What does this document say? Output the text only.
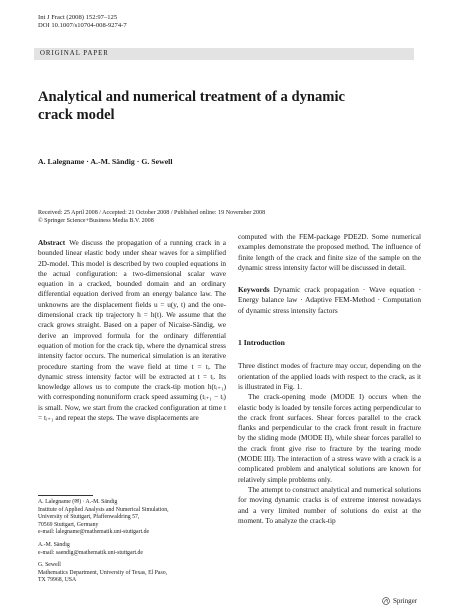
Int J Fract (2008) 152:97–125
DOI 10.1007/s10704-008-9274-7
ORIGINAL PAPER
Analytical and numerical treatment of a dynamic crack model
A. Lalegname · A.-M. Sändig · G. Sewell
Received: 25 April 2008 / Accepted: 21 October 2008 / Published online: 19 November 2008
© Springer Science+Business Media B.V. 2008

Abstract We discuss the propagation of a running crack in a bounded linear elastic body under shear waves for a simplified 2D-model. This model is described by two coupled equations in the actual configuration: a two-dimensional scalar wave equation in a cracked, bounded domain and an ordinary differential equation derived from an energy balance law. The unknowns are the displacement fields u = u(y, t) and the one-dimensional crack tip trajectory h = h(t). We assume that the crack grows straight. Based on a paper of Nicaise-Sändig, we derive an improved formula for the ordinary differential equation of motion for the crack tip, where the dynamical stress intensity factor occurs. The numerical simulation is an iterative procedure starting from the wave field at time t = tᵢ. The dynamic stress intensity factor will be extracted at t = tᵢ. Its knowledge allows us to compute the crack-tip motion h(tᵢ₊₁) with corresponding nonuniform crack speed assuming (tᵢ₊₁ − tᵢ) is small. Now, we start from the cracked configuration at time t = tᵢ₊₁ and repeat the steps. The wave displacements are

computed with the FEM-package PDE2D. Some numerical examples demonstrate the proposed method. The influence of finite length of the crack and finite size of the sample on the dynamic stress intensity factor will be discussed in detail.

Keywords Dynamic crack propagation · Wave equation · Energy balance law · Adaptive FEM-Method · Computation of dynamic stress intensity factors

1 Introduction

Three distinct modes of fracture may occur, depending on the orientation of the applied loads with respect to the crack, as it is illustrated in Fig. 1.

The crack-opening mode (MODE I) occurs when the elastic body is loaded by tensile forces acting perpendicular to the crack front surfaces. Shear forces parallel to the crack flanks and perpendicular to the crack front result in fracture by the sliding mode (MODE II), while shear forces parallel to the crack front give rise to fracture by the tearing mode (MODE III). The interaction of a stress wave with a crack is a complicated problem and analytical solutions are known for relatively simple problems only.

The attempt to construct analytical and numerical solutions for moving dynamic cracks is of extreme interest nowadays and a very limited number of solutions do exist at the moment. To analyze the crack-tip

A. Lalegname (✉) · A.-M. Sändig
Institute of Applied Analysis and Numerical Simulation,
University of Stuttgart, Pfaffenwaldring 57,
70569 Stuttgart, Germany
e-mail: lalegname@mathematik.uni-stuttgart.de
A.-M. Sändig
e-mail: saendig@mathematik.uni-stuttgart.de
G. Sewell
Mathematics Department, University of Texas, El Paso,
TX 79968, USA
Springer
